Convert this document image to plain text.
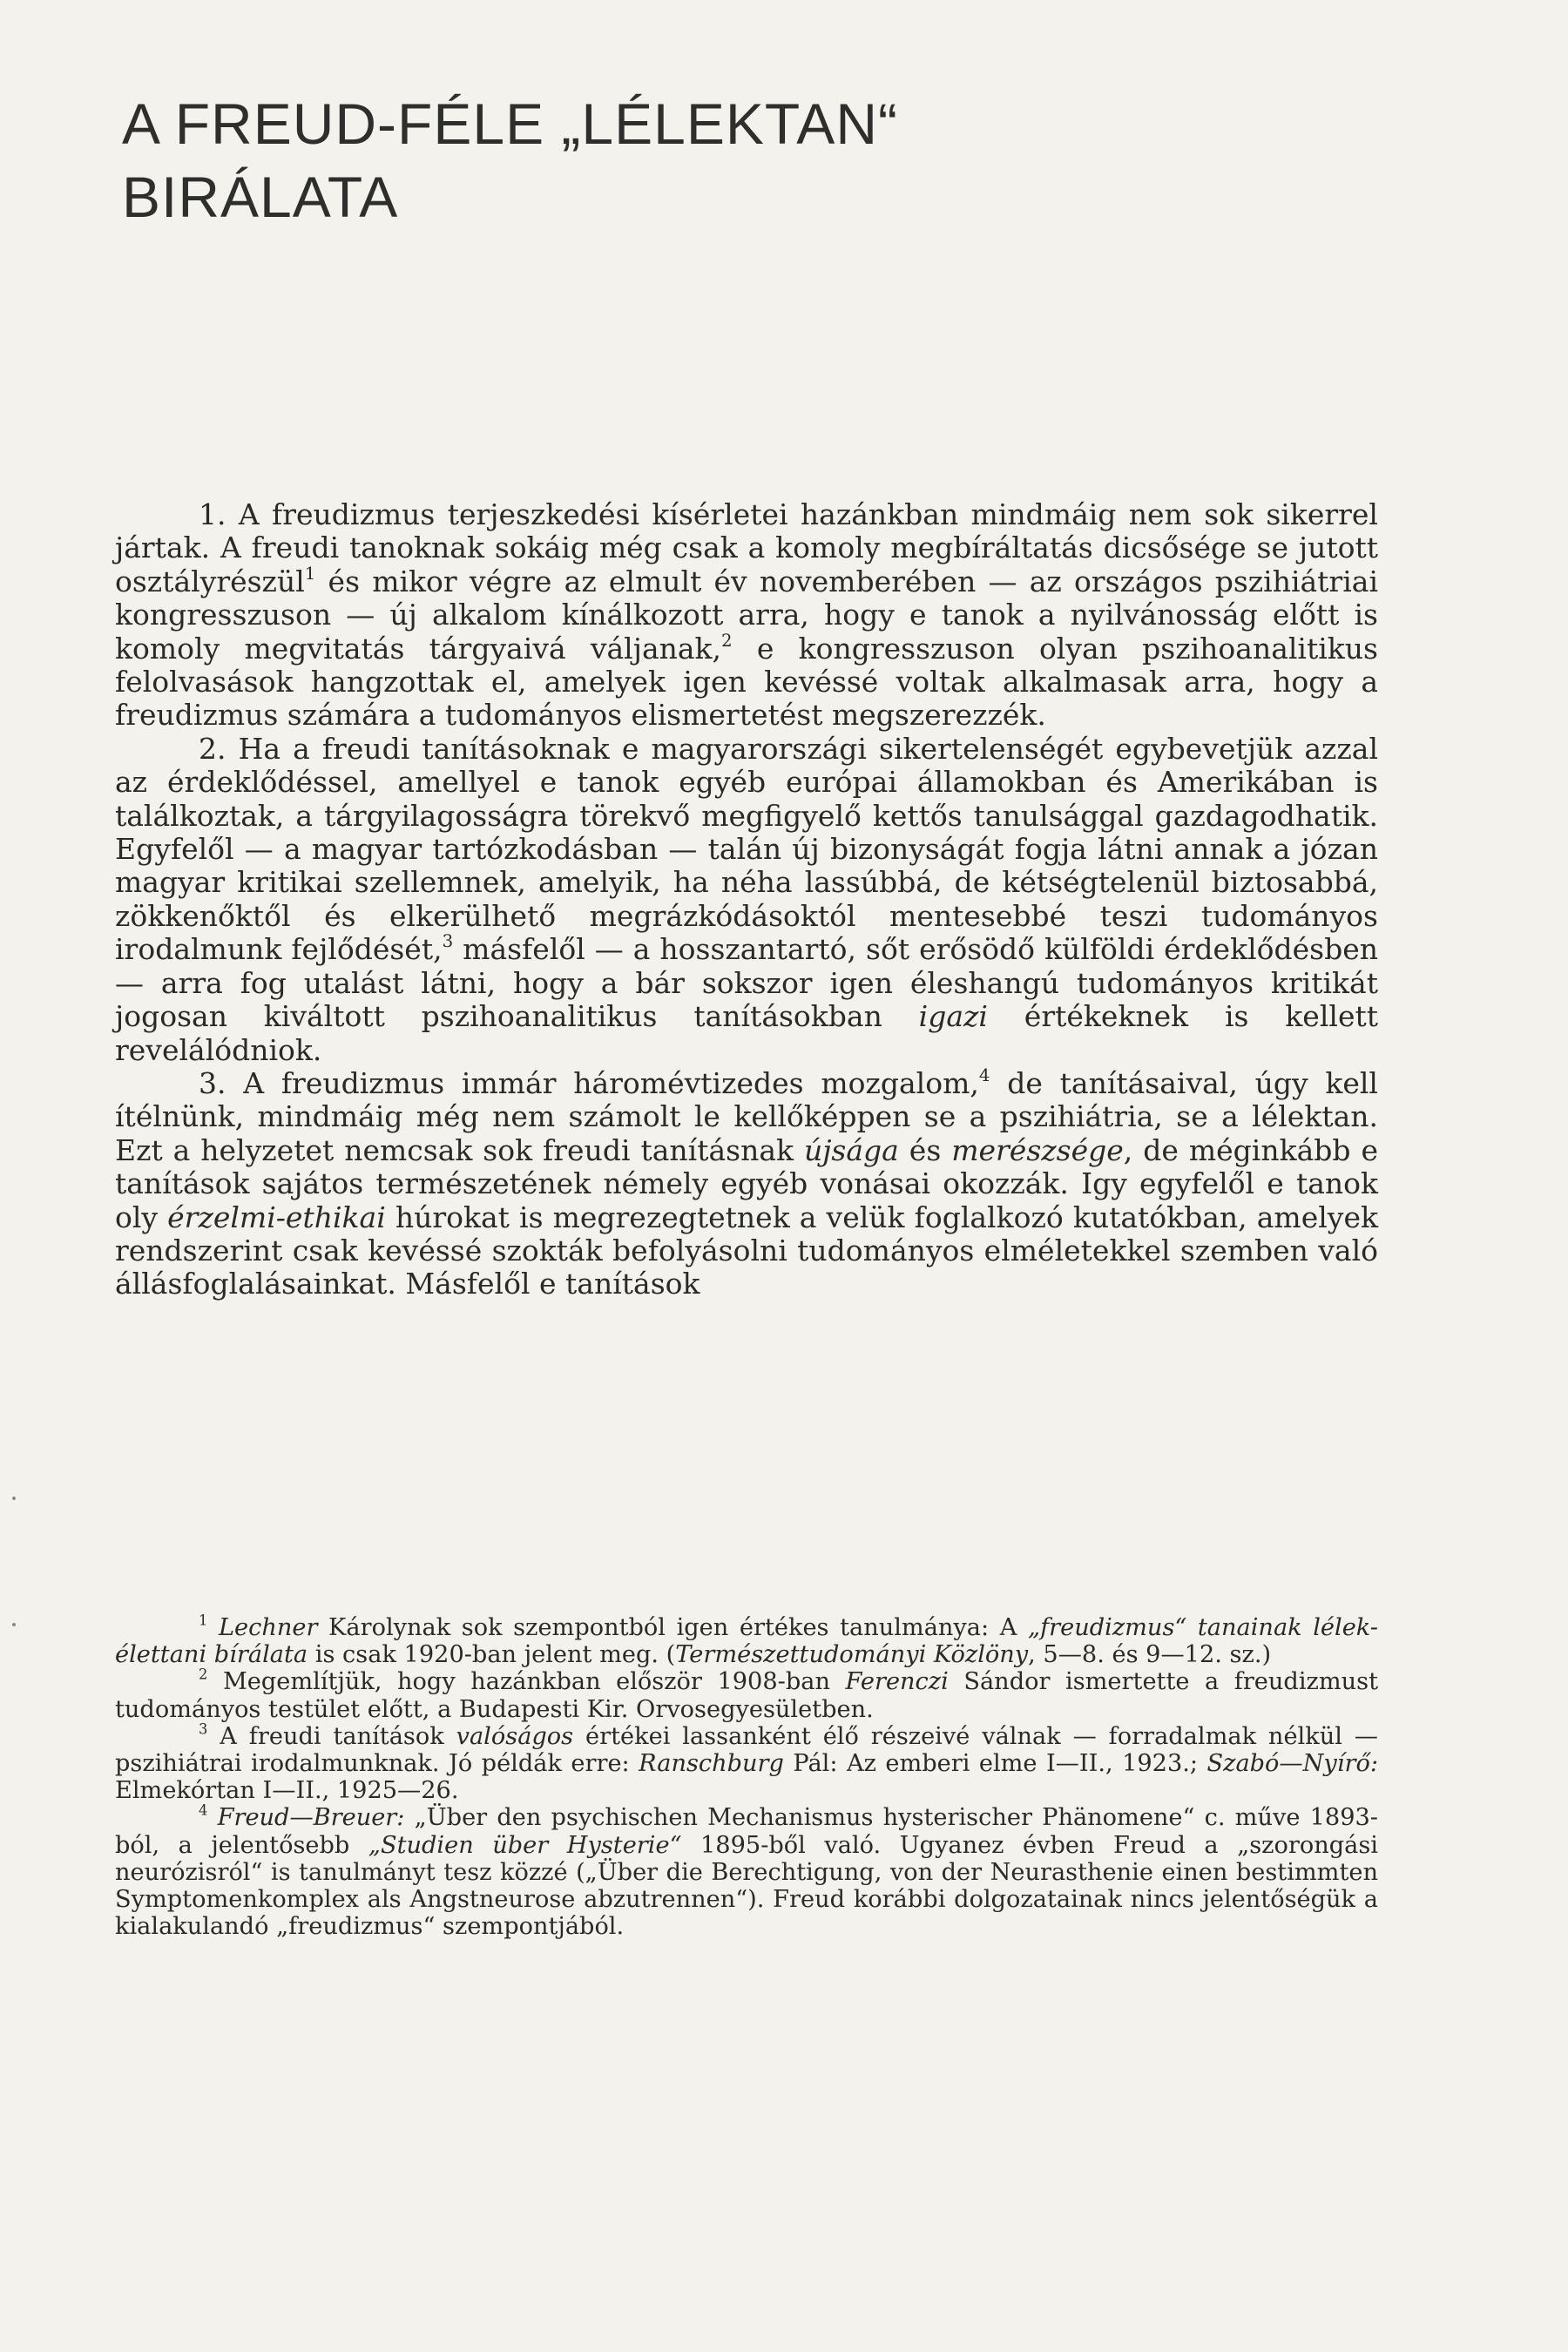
A FREUD-FÉLE „LÉLEKTAN“
BIRÁLATA

1. A freudizmus terjeszkedési kísérletei hazánkban mindmáig nem sok sikerrel jártak. A freudi tanoknak sokáig még csak a komoly megbíráltatás dicsősége se jutott osztályrészül$^1$ és mikor végre az elmult év novemberében — az országos pszihiátriai kongresszuson — új alkalom kínálkozott arra, hogy e tanok a nyilvánosság előtt is komoly megvitatás tárgyaivá váljanak,$^2$ e kongresszuson olyan pszihoanalitikus felolvasások hangzottak el, amelyek igen kevéssé voltak alkalmasak arra, hogy a freudizmus számára a tudományos elismertetést megszerezzék.

2. Ha a freudi tanításoknak e magyarországi sikertelenségét egybevetjük azzal az érdeklődéssel, amellyel e tanok egyéb európai államokban és Amerikában is találkoztak, a tárgyilagosságra törekvő megfigyelő kettős tanulsággal gazdagodhatik. Egyfelől — a magyar tartózkodásban — talán új bizonyságát fogja látni annak a józan magyar kritikai szellemnek, amelyik, ha néha lassúbbá, de kétségtelenül biztosabbá, zökkenőktől és elkerülhető megrázkódásoktól mentesebbé teszi tudományos irodalmunk fejlődését,$^3$ másfelől — a hosszantartó, sőt erősödő külföldi érdeklődésben — arra fog utalást látni, hogy a bár sokszor igen éleshangú tudományos kritikát jogosan kiváltott pszihoanalitikus tanításokban igazi értékeknek is kellett revelálódniok.

3. A freudizmus immár háromévtizedes mozgalom,$^4$ de tanításaival, úgy kell ítélnünk, mindmáig még nem számolt le kellőképpen se a pszihiátria, se a lélektan. Ezt a helyzetet nemcsak sok freudi tanításnak újsága és merészsége, de méginkább e tanítások sajátos természetének némely egyéb vonásai okozzák. Igy egyfelől e tanok oly érzelmi-ethikai húrokat is megrezegtetnek a velük foglalkozó kutatókban, amelyek rendszerint csak kevéssé szokták befolyásolni tudományos elméletekkel szemben való állásfoglalásainkat. Másfelől e tanítások

$^1$ Lechner Károlynak sok szempontból igen értékes tanulmánya: A „freudizmus“ tanainak lélek-élettani bírálata is csak 1920-ban jelent meg. (Természettudományi Közlöny, 5—8. és 9—12. sz.)

$^2$ Megemlítjük, hogy hazánkban először 1908-ban Ferenczi Sándor ismertette a freudizmust tudományos testület előtt, a Budapesti Kir. Orvosegyesületben.

$^3$ A freudi tanítások valóságos értékei lassanként élő részeivé válnak — forradalmak nélkül — pszihiátrai irodalmunknak. Jó példák erre: Ranschburg Pál: Az emberi elme I—II., 1923.; Szabó—Nyírő: Elmekórtan I—II., 1925—26.

$^4$ Freud—Breuer: „Über den psychischen Mechanismus hysterischer Phänomene“ c. műve 1893-ból, a jelentősebb „Studien über Hysterie“ 1895-ből való. Ugyanez évben Freud a „szorongási neurózisról“ is tanulmányt tesz közzé („Über die Berechtigung, von der Neurasthenie einen bestimmten Symptomenkomplex als Angstneurose abzutrennen“). Freud korábbi dolgozatainak nincs jelentőségük a kialakulandó „freudizmus“ szempontjából.
